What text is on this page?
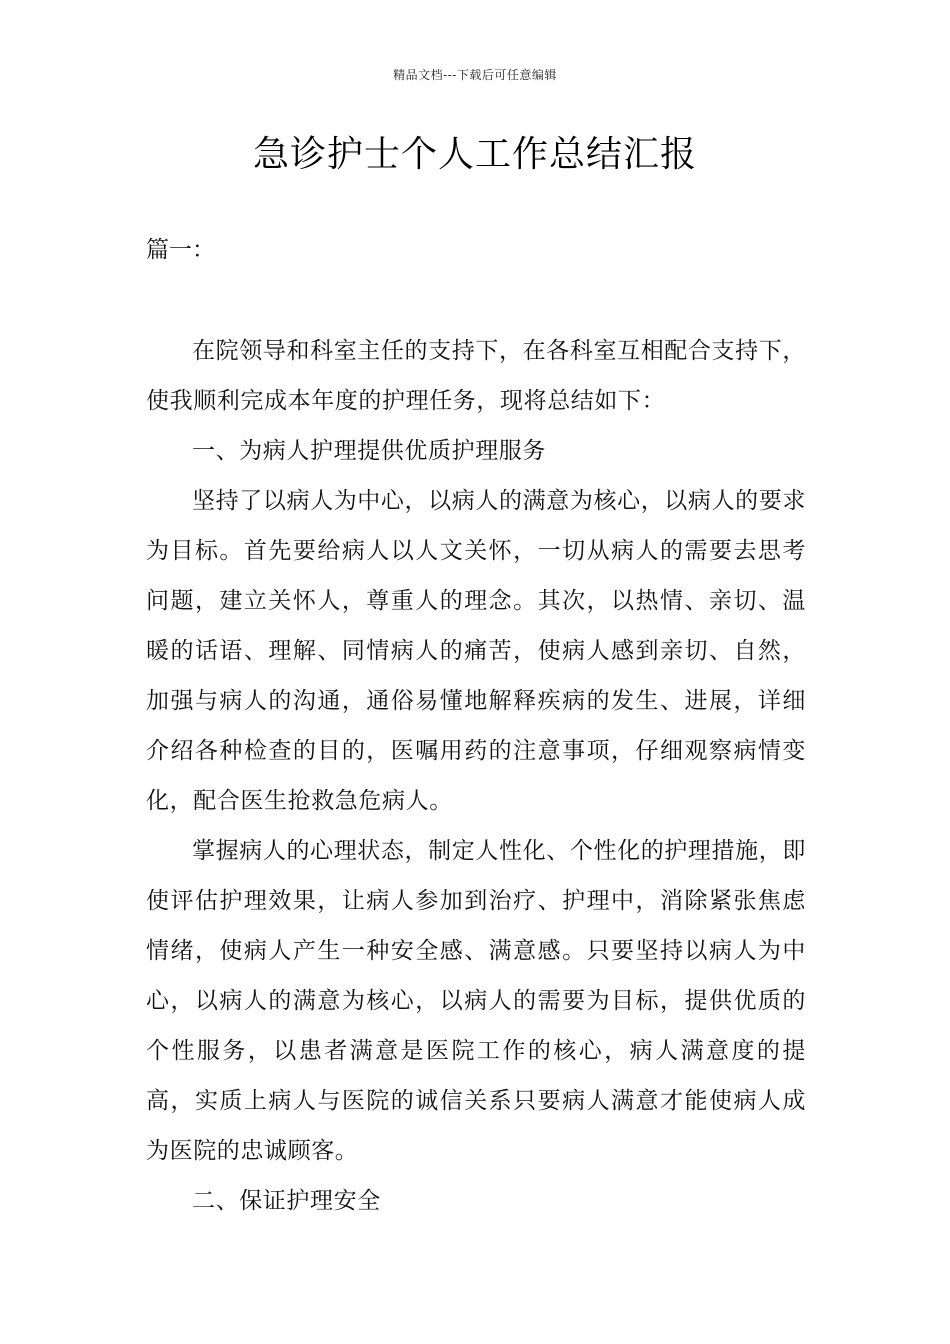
精品文档---下载后可任意编辑
急诊护士个人工作总结汇报
篇一：

在院领导和科室主任的支持下，在各科室互相配合支持下，使我顺利完成本年度的护理任务，现将总结如下：

一、为病人护理提供优质护理服务

坚持了以病人为中心，以病人的满意为核心，以病人的要求为目标。首先要给病人以人文关怀，一切从病人的需要去思考问题，建立关怀人，尊重人的理念。其次，以热情、亲切、温暖的话语、理解、同情病人的痛苦，使病人感到亲切、自然，加强与病人的沟通，通俗易懂地解释疾病的发生、进展，详细介绍各种检查的目的，医嘱用药的注意事项，仔细观察病情变化，配合医生抢救急危病人。

掌握病人的心理状态，制定人性化、个性化的护理措施，即使评估护理效果，让病人参加到治疗、护理中，消除紧张焦虑情绪，使病人产生一种安全感、满意感。只要坚持以病人为中心，以病人的满意为核心，以病人的需要为目标，提供优质的个性服务，以患者满意是医院工作的核心，病人满意度的提高，实质上病人与医院的诚信关系只要病人满意才能使病人成为医院的忠诚顾客。

二、保证护理安全
